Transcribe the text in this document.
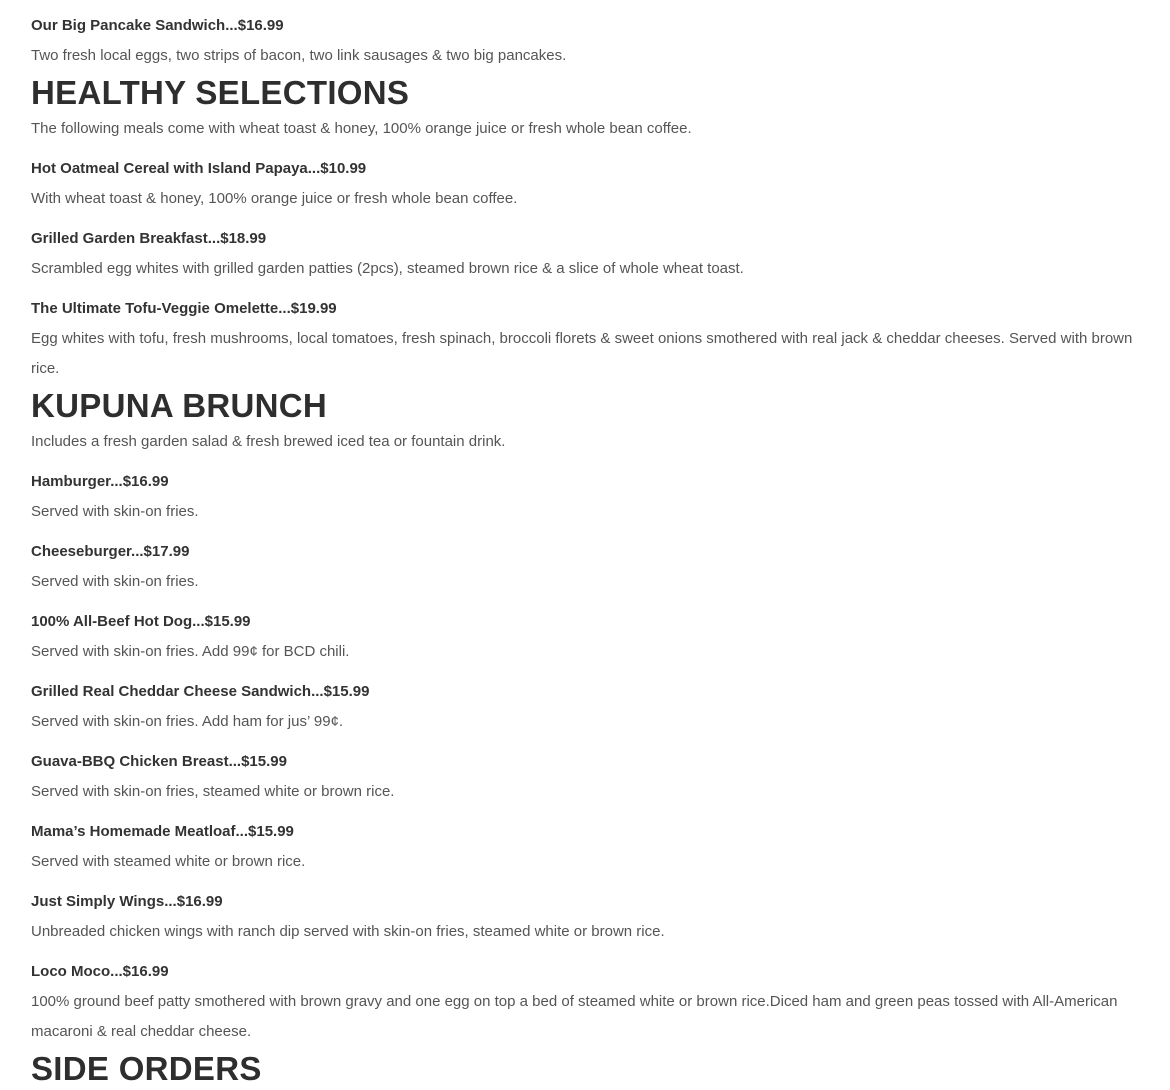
Our Big Pancake Sandwich...$16.99

Two fresh local eggs, two strips of bacon, two link sausages & two big pancakes.

HEALTHY SELECTIONS

The following meals come with wheat toast & honey, 100% orange juice or fresh whole bean coffee.

Hot Oatmeal Cereal with Island Papaya...$10.99

With wheat toast & honey, 100% orange juice or fresh whole bean coffee.

Grilled Garden Breakfast...$18.99

Scrambled egg whites with grilled garden patties (2pcs), steamed brown rice & a slice of whole wheat toast.

The Ultimate Tofu-Veggie Omelette...$19.99

Egg whites with tofu, fresh mushrooms, local tomatoes, fresh spinach, broccoli florets & sweet onions smothered with real jack & cheddar cheeses. Served with brown rice.

KUPUNA BRUNCH

Includes a fresh garden salad & fresh brewed iced tea or fountain drink.

Hamburger...$16.99

Served with skin-on fries.

Cheeseburger...$17.99

Served with skin-on fries.

100% All-Beef Hot Dog...$15.99

Served with skin-on fries. Add 99¢ for BCD chili.

Grilled Real Cheddar Cheese Sandwich...$15.99

Served with skin-on fries. Add ham for jus’ 99¢.

Guava-BBQ Chicken Breast...$15.99

Served with skin-on fries, steamed white or brown rice.

Mama’s Homemade Meatloaf...$15.99

Served with steamed white or brown rice.

Just Simply Wings...$16.99

Unbreaded chicken wings with ranch dip served with skin-on fries, steamed white or brown rice.

Loco Moco...$16.99

100% ground beef patty smothered with brown gravy and one egg on top a bed of steamed white or brown rice.Diced ham and green peas tossed with All-American macaroni & real cheddar cheese.

SIDE ORDERS
